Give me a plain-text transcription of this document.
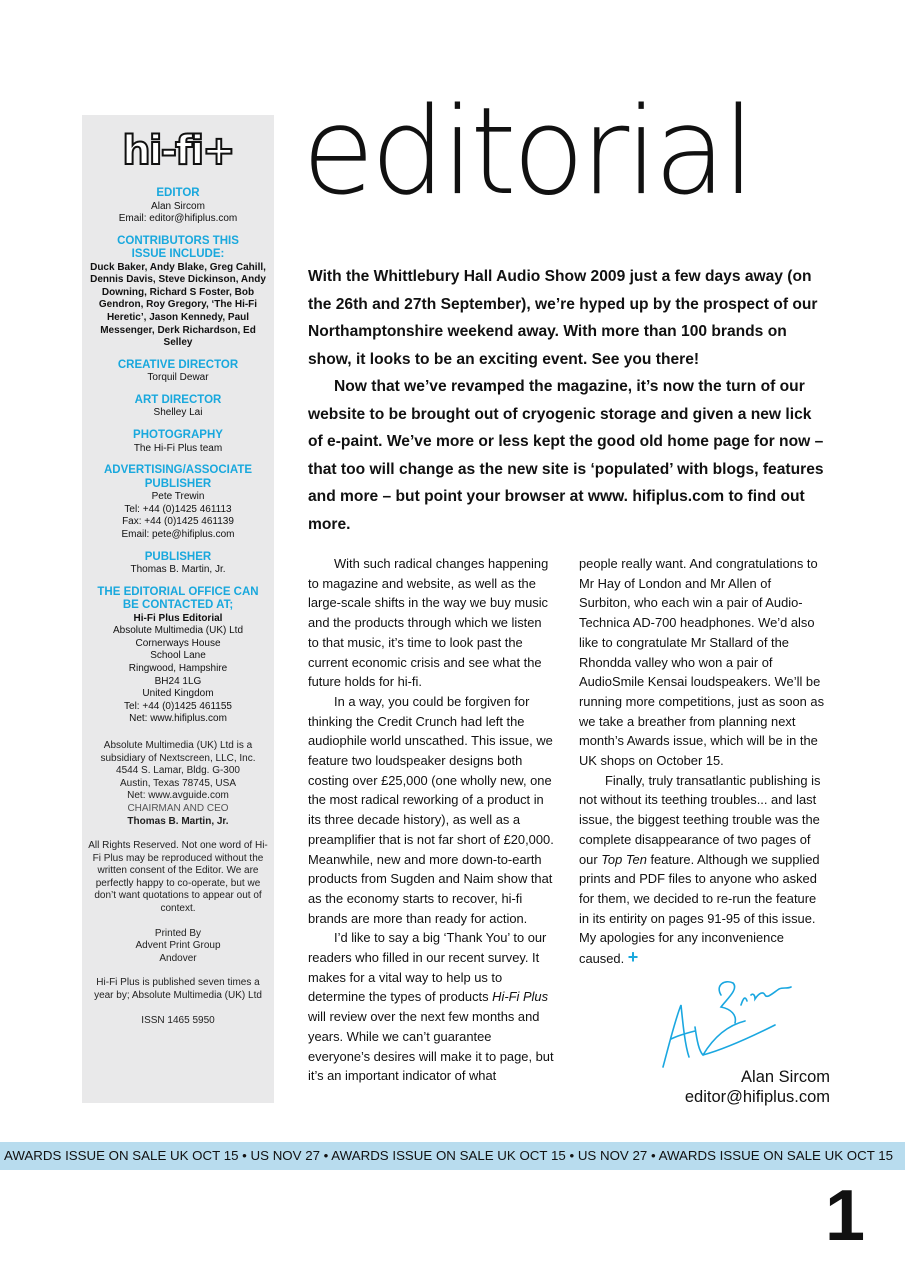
hi-fi+
EDITOR
Alan Sircom
Email: editor@hifiplus.com
CONTRIBUTORS THIS ISSUE INCLUDE:
Duck Baker, Andy Blake, Greg Cahill, Dennis Davis, Steve Dickinson, Andy Downing, Richard S Foster, Bob Gendron, Roy Gregory, ‘The Hi-Fi Heretic’, Jason Kennedy, Paul Messenger, Derk Richardson, Ed Selley
CREATIVE DIRECTOR
Torquil Dewar
ART DIRECTOR
Shelley Lai
PHOTOGRAPHY
The Hi-Fi Plus team
ADVERTISING/ASSOCIATE PUBLISHER
Pete Trewin
Tel: +44 (0)1425 461113
Fax: +44 (0)1425 461139
Email: pete@hifiplus.com
PUBLISHER
Thomas B. Martin, Jr.
THE EDITORIAL OFFICE CAN BE CONTACTED AT;
Hi-Fi Plus Editorial
Absolute Multimedia (UK) Ltd
Cornerways House
School Lane
Ringwood, Hampshire
BH24 1LG
United Kingdom
Tel: +44 (0)1425 461155
Net: www.hifiplus.com
Absolute Multimedia (UK) Ltd is a subsidiary of Nextscreen, LLC, Inc.
4544 S. Lamar, Bldg. G-300
Austin, Texas 78745, USA
Net: www.avguide.com
CHAIRMAN AND CEO
Thomas B. Martin, Jr.
All Rights Reserved. Not one word of Hi-Fi Plus may be reproduced without the written consent of the Editor. We are perfectly happy to co-operate, but we don’t want quotations to appear out of context.
Printed By
Advent Print Group
Andover
Hi-Fi Plus is published seven times a year by; Absolute Multimedia (UK) Ltd
ISSN 1465 5950
editorial

With the Whittlebury Hall Audio Show 2009 just a few days away (on the 26th and 27th September), we’re hyped up by the prospect of our Northamptonshire weekend away. With more than 100 brands on show, it looks to be an exciting event. See you there!

Now that we’ve revamped the magazine, it’s now the turn of our website to be brought out of cryogenic storage and given a new lick of e-paint. We’ve more or less kept the good old home page for now – that too will change as the new site is ‘populated’ with blogs, features and more – but point your browser at www. hifiplus.com to find out more.

With such radical changes happening to magazine and website, as well as the large-scale shifts in the way we buy music and the products through which we listen to that music, it’s time to look past the current economic crisis and see what the future holds for hi-fi.

In a way, you could be forgiven for thinking the Credit Crunch had left the audiophile world unscathed. This issue, we feature two loudspeaker designs both costing over £25,000 (one wholly new, one the most radical reworking of a product in its three decade history), as well as a preamplifier that is not far short of £20,000. Meanwhile, new and more down-to-earth products from Sugden and Naim show that as the economy starts to recover, hi-fi brands are more than ready for action.

I’d like to say a big ‘Thank You’ to our readers who filled in our recent survey. It makes for a vital way to help us to determine the types of products Hi-Fi Plus will review over the next few months and years. While we can’t guarantee everyone’s desires will make it to page, but it’s an important indicator of what

people really want. And congratulations to Mr Hay of London and Mr Allen of Surbiton, who each win a pair of Audio-Technica AD-700 headphones. We’d also like to congratulate Mr Stallard of the Rhondda valley who won a pair of AudioSmile Kensai loudspeakers. We’ll be running more competitions, just as soon as we take a breather from planning next month’s Awards issue, which will be in the UK shops on October 15.

Finally, truly transatlantic publishing is not without its teething troubles... and last issue, the biggest teething trouble was the complete disappearance of two pages of our Top Ten feature. Although we supplied prints and PDF files to anyone who asked for them, we decided to re-run the feature in its entirity on pages 91-95 of this issue. My apologies for any inconvenience caused. +

Alan Sircom
editor@hifiplus.com
AWARDS ISSUE ON SALE UK OCT 15 • US NOV 27 • AWARDS ISSUE ON SALE UK OCT 15 • US NOV 27 • AWARDS ISSUE ON SALE UK OCT 15
1
